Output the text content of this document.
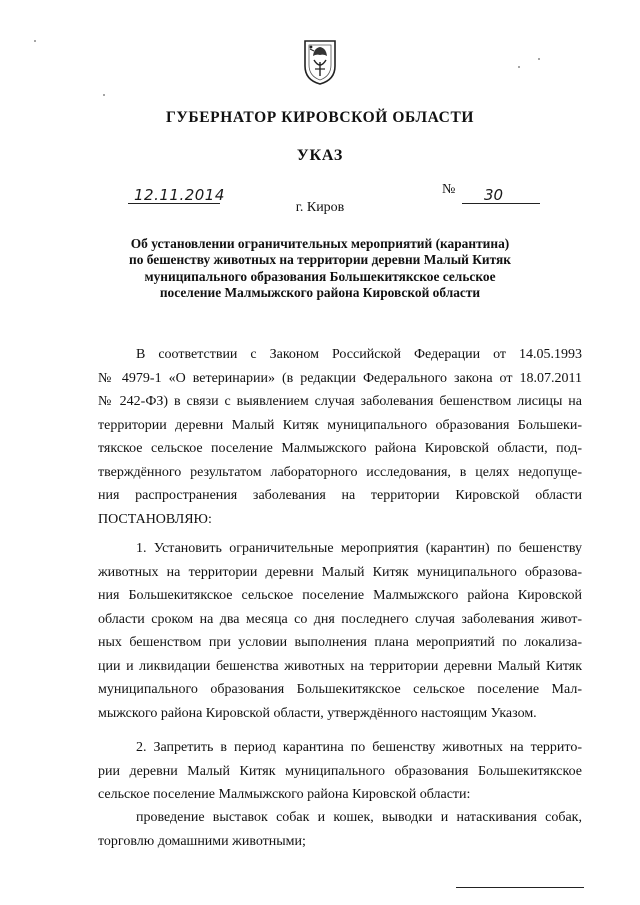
ГУБЕРНАТОР КИРОВСКОЙ ОБЛАСТИ
УКАЗ
12.11.2014	№ 30
г. Киров
Об установлении ограничительных мероприятий (карантина)
по бешенству животных на территории деревни Малый Китяк
муниципального образования Большекитякское сельское
поселение Малмыжского района Кировской области
В соответствии с Законом Российской Федерации от 14.05.1993
№ 4979-1 «О ветеринарии» (в редакции Федерального закона от 18.07.2011
№ 242-ФЗ) в связи с выявлением случая заболевания бешенством лисицы на
территории деревни Малый Китяк муниципального образования Большеки-
тякское сельское поселение Малмыжского района Кировской области, под-
тверждённого результатом лабораторного исследования, в целях недопуще-
ния распространения заболевания на территории Кировской области
ПОСТАНОВЛЯЮ:
1. Установить ограничительные мероприятия (карантин) по бешенству
животных на территории деревни Малый Китяк муниципального образова-
ния Большекитякское сельское поселение Малмыжского района Кировской
области сроком на два месяца со дня последнего случая заболевания живот-
ных бешенством при условии выполнения плана мероприятий по локализа-
ции и ликвидации бешенства животных на территории деревни Малый Китяк
муниципального образования Большекитякское сельское поселение Мал-
мыжского района Кировской области, утверждённого настоящим Указом.
2. Запретить в период карантина по бешенству животных на террито-
рии деревни Малый Китяк муниципального образования Большекитякское
сельское поселение Малмыжского района Кировской области:
проведение выставок собак и кошек, выводки и натаскивания собак,
торговлю домашними животными;
